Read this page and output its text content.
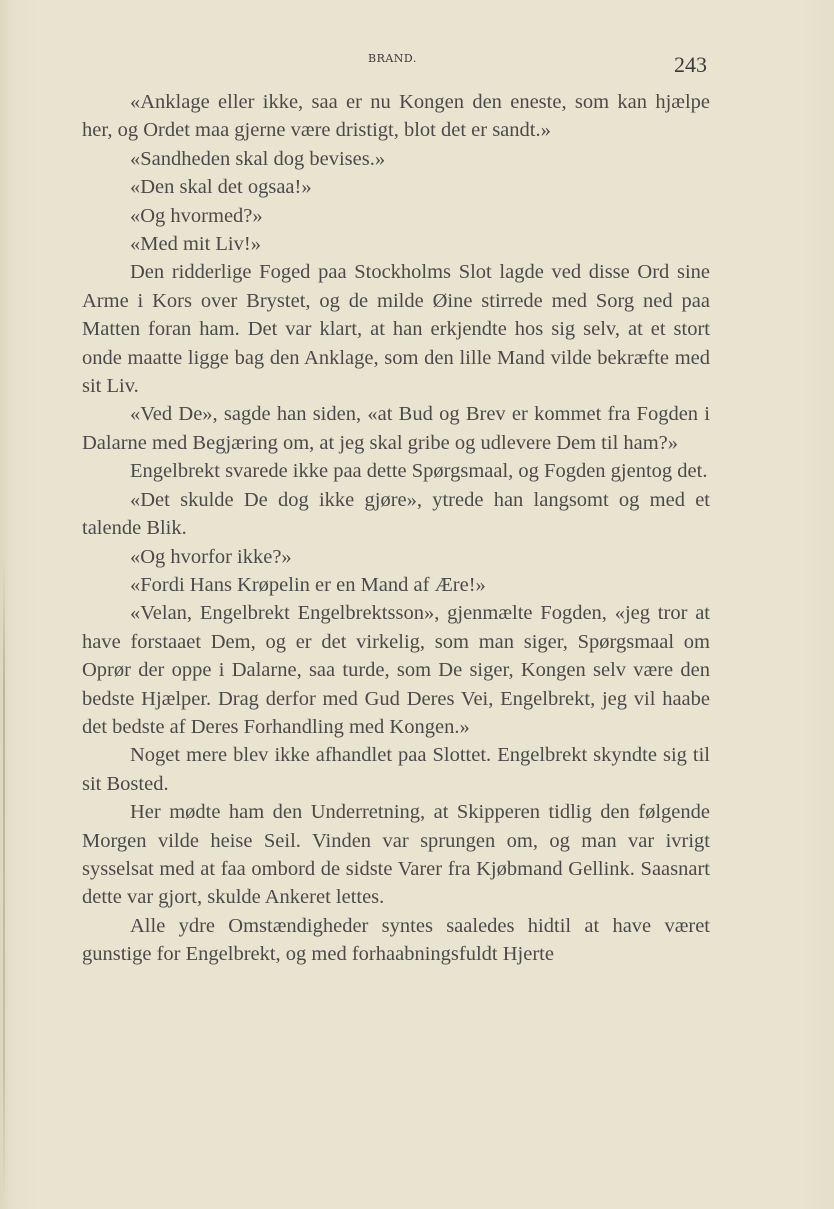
BRAND.	243

«Anklage eller ikke, saa er nu Kongen den eneste, som kan hjælpe her, og Ordet maa gjerne være dristigt, blot det er sandt.»

«Sandheden skal dog bevises.»

«Den skal det ogsaa!»

«Og hvormed?»

«Med mit Liv!»

Den ridderlige Foged paa Stockholms Slot lagde ved disse Ord sine Arme i Kors over Brystet, og de milde Øine stirrede med Sorg ned paa Matten foran ham. Det var klart, at han erkjendte hos sig selv, at et stort onde maatte ligge bag den Anklage, som den lille Mand vilde bekræfte med sit Liv.

«Ved De», sagde han siden, «at Bud og Brev er kommet fra Fogden i Dalarne med Begjæring om, at jeg skal gribe og udlevere Dem til ham?»

Engelbrekt svarede ikke paa dette Spørgsmaal, og Fogden gjentog det.

«Det skulde De dog ikke gjøre», ytrede han langsomt og med et talende Blik.

«Og hvorfor ikke?»

«Fordi Hans Krøpelin er en Mand af Ære!»

«Velan, Engelbrekt Engelbrektsson», gjenmælte Fogden, «jeg tror at have forstaaet Dem, og er det virkelig, som man siger, Spørgsmaal om Oprør der oppe i Dalarne, saa turde, som De siger, Kongen selv være den bedste Hjælper. Drag derfor med Gud Deres Vei, Engelbrekt, jeg vil haabe det bedste af Deres Forhandling med Kongen.»

Noget mere blev ikke afhandlet paa Slottet. Engelbrekt skyndte sig til sit Bosted.

Her mødte ham den Underretning, at Skipperen tidlig den følgende Morgen vilde heise Seil. Vinden var sprungen om, og man var ivrigt sysselsat med at faa ombord de sidste Varer fra Kjøbmand Gellink. Saasnart dette var gjort, skulde Ankeret lettes.

Alle ydre Omstændigheder syntes saaledes hidtil at have været gunstige for Engelbrekt, og med forhaabningsfuldt Hjerte
